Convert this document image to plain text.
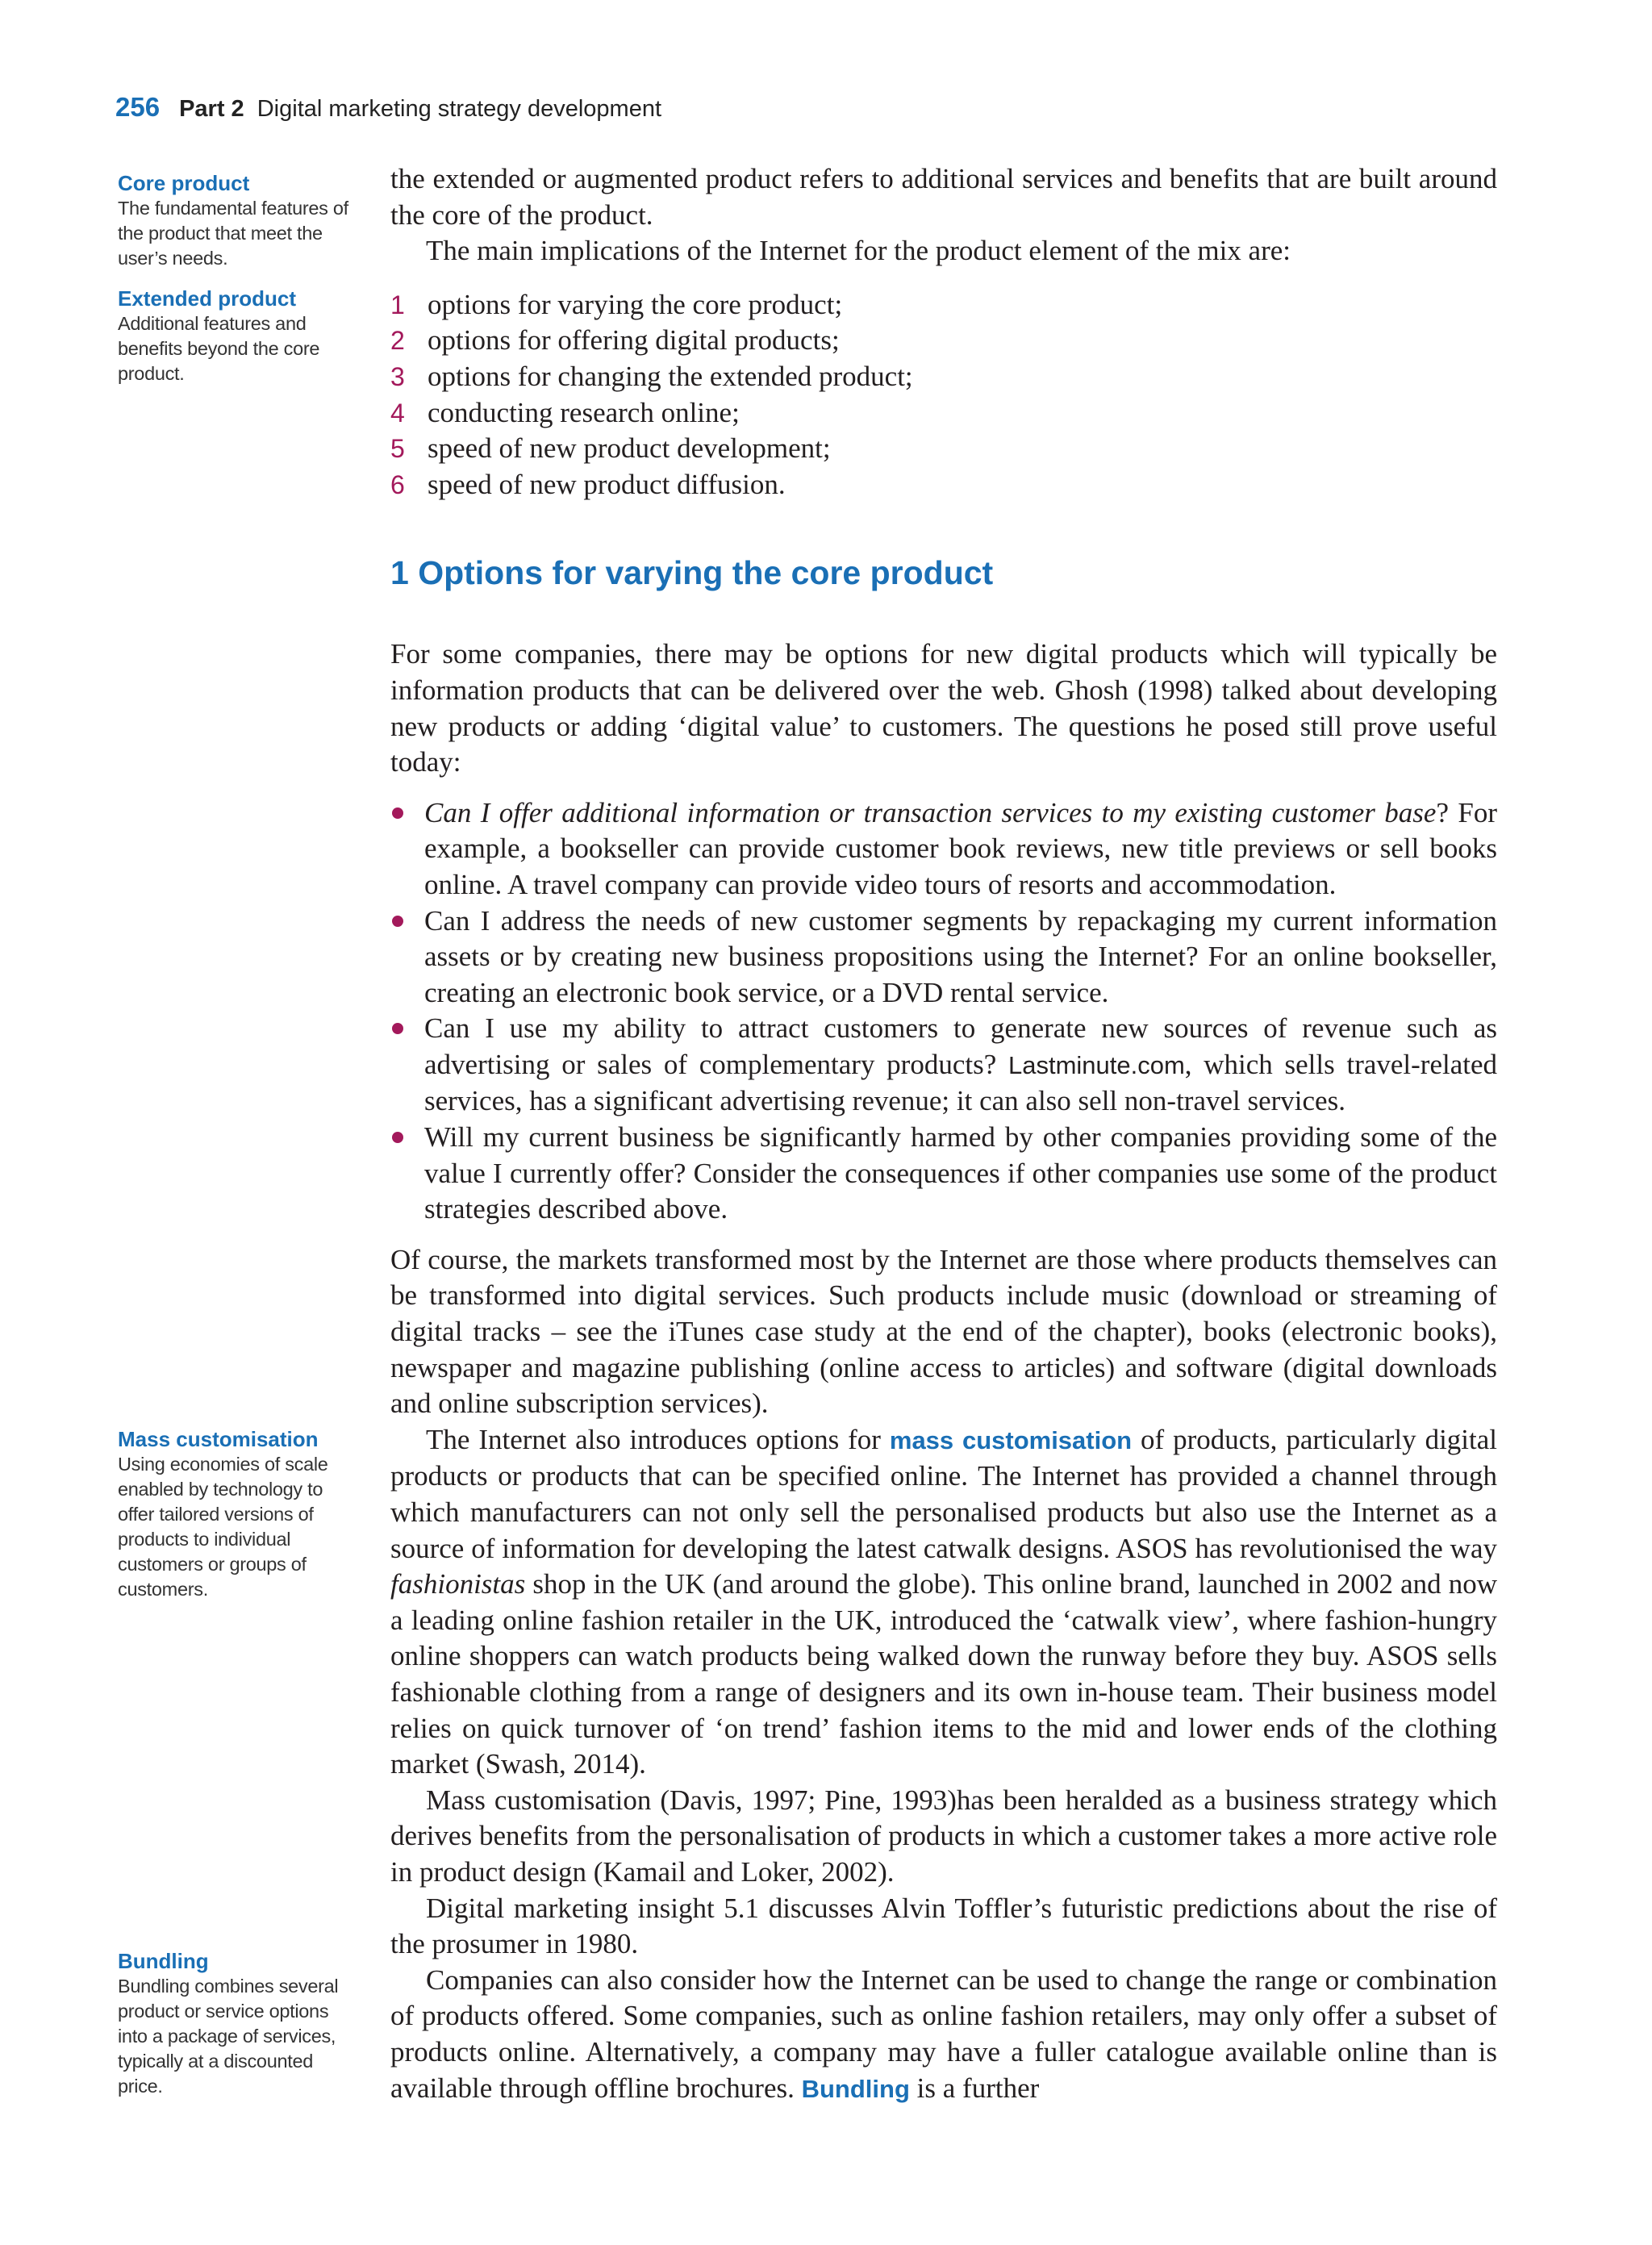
256 Part 2 Digital marketing strategy development
Core product
The fundamental features of the product that meet the user’s needs.
Extended product
Additional features and benefits beyond the core product.
Mass customisation
Using economies of scale enabled by technology to offer tailored versions of products to individual customers or groups of customers.
Bundling
Bundling combines several product or service options into a package of services, typically at a discounted price.

the extended or augmented product refers to additional services and benefits that are built around the core of the product.

The main implications of the Internet for the product element of the mix are:

1 options for varying the core product;
2 options for offering digital products;
3 options for changing the extended product;
4 conducting research online;
5 speed of new product development;
6 speed of new product diffusion.
1 Options for varying the core product

For some companies, there may be options for new digital products which will typically be information products that can be delivered over the web. Ghosh (1998) talked about developing new products or adding ‘digital value’ to customers. The questions he posed still prove useful today:

Can I offer additional information or transaction services to my existing customer base? For example, a bookseller can provide customer book reviews, new title previews or sell books online. A travel company can provide video tours of resorts and accommodation.
Can I address the needs of new customer segments by repackaging my current information assets or by creating new business propositions using the Internet? For an online bookseller, creating an electronic book service, or a DVD rental service.
Can I use my ability to attract customers to generate new sources of revenue such as advertising or sales of complementary products? Lastminute.com, which sells travel-related services, has a significant advertising revenue; it can also sell non-travel services.
Will my current business be significantly harmed by other companies providing some of the value I currently offer? Consider the consequences if other companies use some of the product strategies described above.

Of course, the markets transformed most by the Internet are those where products themselves can be transformed into digital services. Such products include music (download or streaming of digital tracks – see the iTunes case study at the end of the chapter), books (electronic books), newspaper and magazine publishing (online access to articles) and software (digital downloads and online subscription services).

The Internet also introduces options for mass customisation of products, particularly digital products or products that can be specified online. The Internet has provided a channel through which manufacturers can not only sell the personalised products but also use the Internet as a source of information for developing the latest catwalk designs. ASOS has revolutionised the way fashionistas shop in the UK (and around the globe). This online brand, launched in 2002 and now a leading online fashion retailer in the UK, introduced the ‘catwalk view’, where fashion-hungry online shoppers can watch products being walked down the runway before they buy. ASOS sells fashionable clothing from a range of designers and its own in-house team. Their business model relies on quick turnover of ‘on trend’ fashion items to the mid and lower ends of the clothing market (Swash, 2014).

Mass customisation (Davis, 1997; Pine, 1993)has been heralded as a business strategy which derives benefits from the personalisation of products in which a customer takes a more active role in product design (Kamail and Loker, 2002).

Digital marketing insight 5.1 discusses Alvin Toffler’s futuristic predictions about the rise of the prosumer in 1980.

Companies can also consider how the Internet can be used to change the range or combination of products offered. Some companies, such as online fashion retailers, may only offer a subset of products online. Alternatively, a company may have a fuller catalogue available online than is available through offline brochures. Bundling is a further
